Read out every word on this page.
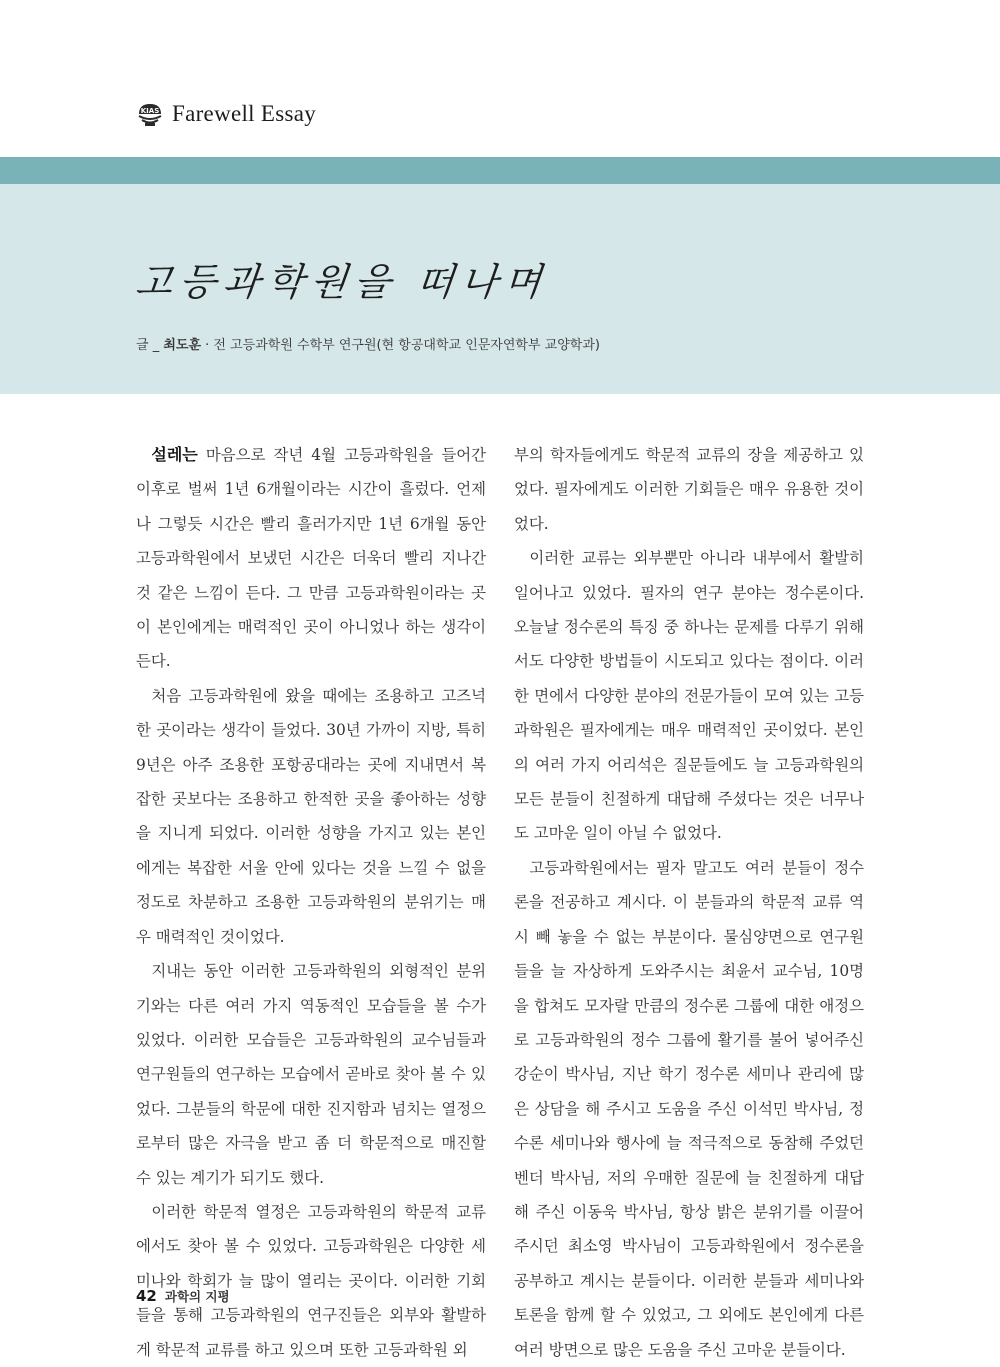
KIAS Farewell Essay
고등과학원을 떠나며
글 _ 최도훈 · 전 고등과학원 수학부 연구원(현 항공대학교 인문자연학부 교양학과)

설레는 마음으로 작년 4월 고등과학원을 들어간 이후로 벌써 1년 6개월이라는 시간이 흘렀다. 언제나 그렇듯 시간은 빨리 흘러가지만 1년 6개월 동안 고등과학원에서 보냈던 시간은 더욱더 빨리 지나간 것 같은 느낌이 든다. 그 만큼 고등과학원이라는 곳이 본인에게는 매력적인 곳이 아니었나 하는 생각이 든다.

처음 고등과학원에 왔을 때에는 조용하고 고즈넉한 곳이라는 생각이 들었다. 30년 가까이 지방, 특히 9년은 아주 조용한 포항공대라는 곳에 지내면서 복잡한 곳보다는 조용하고 한적한 곳을 좋아하는 성향을 지니게 되었다. 이러한 성향을 가지고 있는 본인에게는 복잡한 서울 안에 있다는 것을 느낄 수 없을 정도로 차분하고 조용한 고등과학원의 분위기는 매우 매력적인 것이었다.

지내는 동안 이러한 고등과학원의 외형적인 분위기와는 다른 여러 가지 역동적인 모습들을 볼 수가 있었다. 이러한 모습들은 고등과학원의 교수님들과 연구원들의 연구하는 모습에서 곧바로 찾아 볼 수 있었다. 그분들의 학문에 대한 진지함과 넘치는 열정으로부터 많은 자극을 받고 좀 더 학문적으로 매진할 수 있는 계기가 되기도 했다.

이러한 학문적 열정은 고등과학원의 학문적 교류에서도 찾아 볼 수 있었다. 고등과학원은 다양한 세미나와 학회가 늘 많이 열리는 곳이다. 이러한 기회들을 통해 고등과학원의 연구진들은 외부와 활발하게 학문적 교류를 하고 있으며 또한 고등과학원 외

부의 학자들에게도 학문적 교류의 장을 제공하고 있었다. 필자에게도 이러한 기회들은 매우 유용한 것이었다.

이러한 교류는 외부뿐만 아니라 내부에서 활발히 일어나고 있었다. 필자의 연구 분야는 정수론이다. 오늘날 정수론의 특징 중 하나는 문제를 다루기 위해서도 다양한 방법들이 시도되고 있다는 점이다. 이러한 면에서 다양한 분야의 전문가들이 모여 있는 고등과학원은 필자에게는 매우 매력적인 곳이었다. 본인의 여러 가지 어리석은 질문들에도 늘 고등과학원의 모든 분들이 친절하게 대답해 주셨다는 것은 너무나도 고마운 일이 아닐 수 없었다.

고등과학원에서는 필자 말고도 여러 분들이 정수론을 전공하고 계시다. 이 분들과의 학문적 교류 역시 빼 놓을 수 없는 부분이다. 물심양면으로 연구원들을 늘 자상하게 도와주시는 최윤서 교수님, 10명을 합쳐도 모자랄 만큼의 정수론 그룹에 대한 애정으로 고등과학원의 정수 그룹에 활기를 불어 넣어주신 강순이 박사님, 지난 학기 정수론 세미나 관리에 많은 상담을 해 주시고 도움을 주신 이석민 박사님, 정수론 세미나와 행사에 늘 적극적으로 동참해 주었던 벤더 박사님, 저의 우매한 질문에 늘 친절하게 대답해 주신 이동욱 박사님, 항상 밝은 분위기를 이끌어 주시던 최소영 박사님이 고등과학원에서 정수론을 공부하고 계시는 분들이다. 이러한 분들과 세미나와 토론을 함께 할 수 있었고, 그 외에도 본인에게 다른 여러 방면으로 많은 도움을 주신 고마운 분들이다.

42 과학의 지평
